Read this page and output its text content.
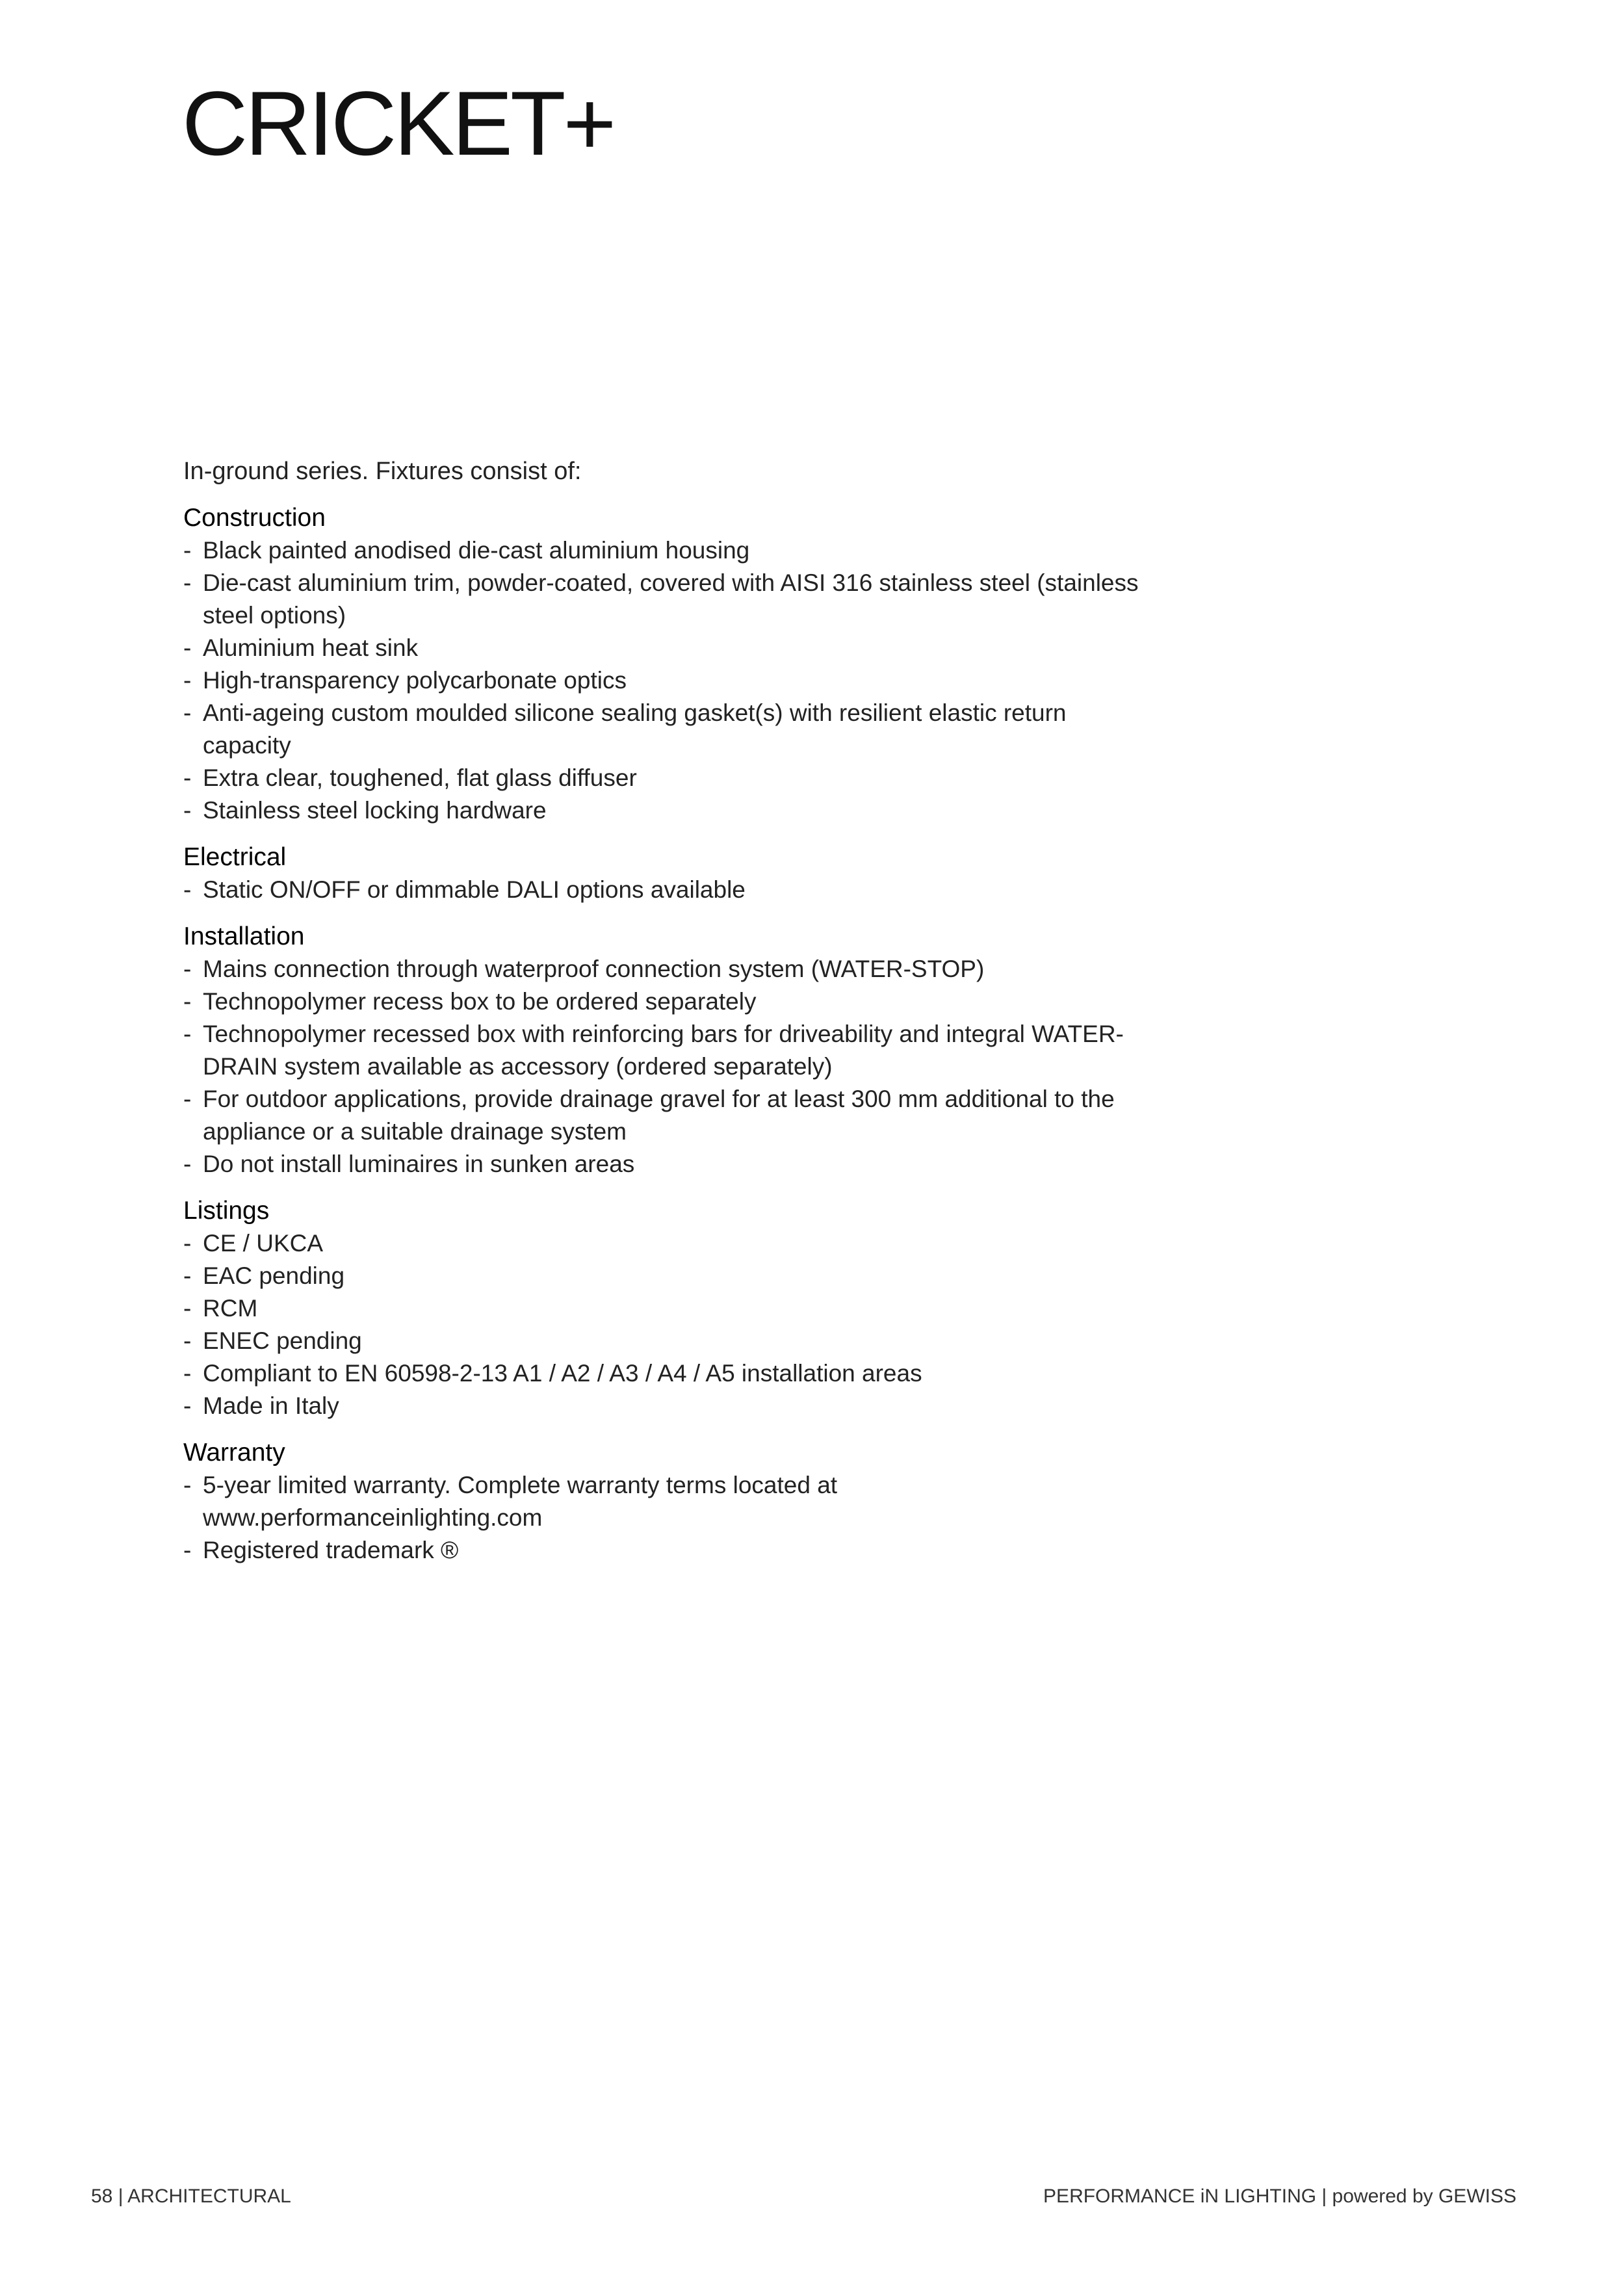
CRICKET+

In-ground series. Fixtures consist of:

Construction
- Black painted anodised die-cast aluminium housing
- Die-cast aluminium trim, powder-coated, covered with AISI 316 stainless steel (stainless steel options)
- Aluminium heat sink
- High-transparency polycarbonate optics
- Anti-ageing custom moulded silicone sealing gasket(s) with resilient elastic return capacity
- Extra clear, toughened, flat glass diffuser
- Stainless steel locking hardware
Electrical
- Static ON/OFF or dimmable DALI options available
Installation
- Mains connection through waterproof connection system (WATER-STOP)
- Technopolymer recess box to be ordered separately
- Technopolymer recessed box with reinforcing bars for driveability and integral WATER-DRAIN system available as accessory (ordered separately)
- For outdoor applications, provide drainage gravel for at least 300 mm additional to the appliance or a suitable drainage system
- Do not install luminaires in sunken areas
Listings
- CE / UKCA
- EAC pending
- RCM
- ENEC pending
- Compliant to EN 60598-2-13 A1 / A2 / A3 / A4 / A5 installation areas
- Made in Italy
Warranty
- 5-year limited warranty. Complete warranty terms located at www.performanceinlighting.com
- Registered trademark ®
58 | ARCHITECTURAL	PERFORMANCE iN LIGHTING | powered by GEWISS
